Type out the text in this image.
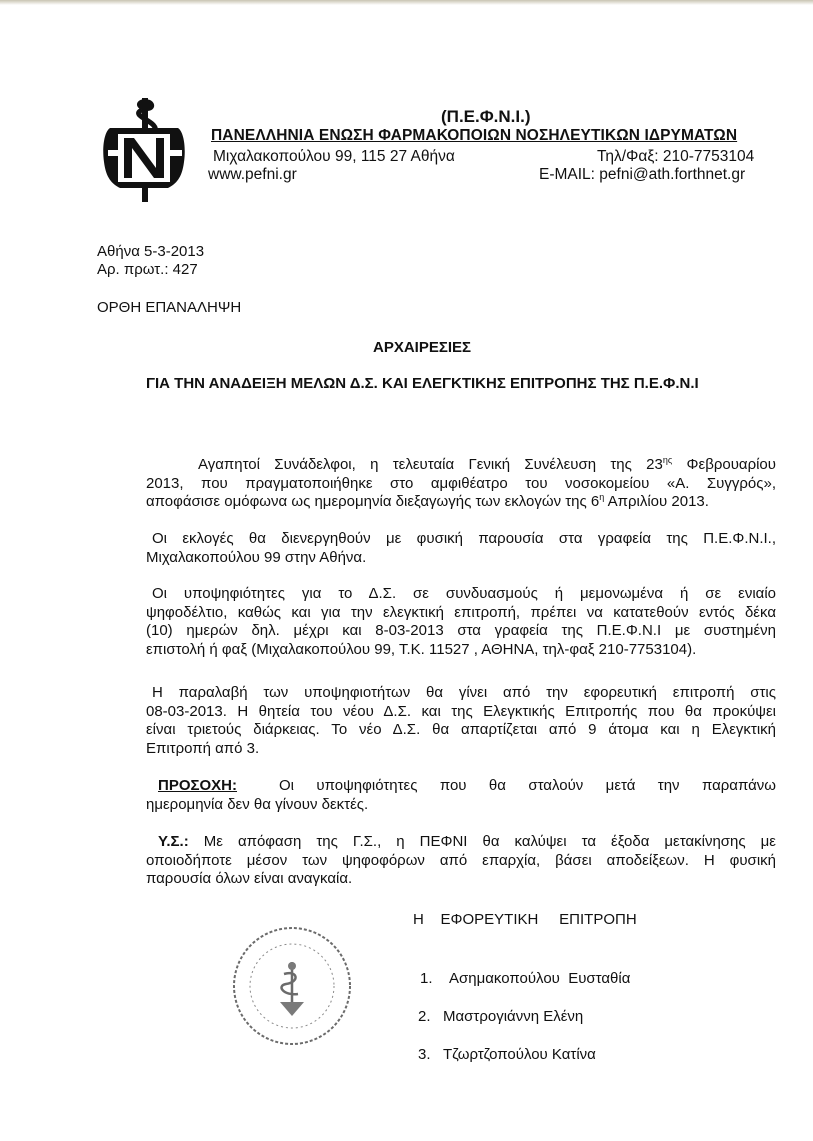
(Π.Ε.Φ.Ν.Ι.)
ΠΑΝΕΛΛΗΝΙΑ ΕΝΩΣΗ ΦΑΡΜΑΚΟΠΟΙΩΝ ΝΟΣΗΛΕΥΤΙΚΩΝ ΙΔΡΥΜΑΤΩΝ
Μιχαλακοπούλου 99, 115 27 Αθήνα	Τηλ/Φαξ: 210-7753104
www.pefni.gr	E-MAIL: pefni@ath.forthnet.gr
Αθήνα 5-3-2013
Αρ. πρωτ.: 427
ΟΡΘΗ ΕΠΑΝΑΛΗΨΗ
ΑΡΧΑΙΡΕΣΙΕΣ
ΓΙΑ ΤΗΝ ΑΝΑΔΕΙΞΗ ΜΕΛΩΝ Δ.Σ. ΚΑΙ ΕΛΕΓΚΤΙΚΗΣ ΕΠΙΤΡΟΠΗΣ ΤΗΣ Π.Ε.Φ.Ν.Ι
Αγαπητοί Συνάδελφοι, η τελευταία Γενική Συνέλευση της $23^{\eta\varsigma}$ Φεβρουαρίου
2013, που πραγματοποιήθηκε στο αμφιθέατρο του νοσοκομείου «Α. Συγγρός»,
αποφάσισε ομόφωνα ως ημερομηνία διεξαγωγής των εκλογών της $6^\eta$ Απριλίου 2013.
Οι εκλογές θα διενεργηθούν με φυσική παρουσία στα γραφεία της Π.Ε.Φ.Ν.Ι.,
Μιχαλακοπούλου 99 στην Αθήνα.
Οι υποψηφιότητες για το Δ.Σ. σε συνδυασμούς ή μεμονωμένα ή σε ενιαίο
ψηφοδέλτιο, καθώς και για την ελεγκτική επιτροπή, πρέπει να κατατεθούν εντός δέκα
(10) ημερών δηλ. μέχρι και 8-03-2013 στα γραφεία της Π.Ε.Φ.Ν.Ι με συστημένη
επιστολή ή φαξ (Μιχαλακοπούλου 99, Τ.Κ. 11527 , ΑΘΗΝΑ, τηλ-φαξ 210-7753104).
Η παραλαβή των υποψηφιοτήτων θα γίνει από την εφορευτική επιτροπή στις
08-03-2013. Η θητεία του νέου Δ.Σ. και της Ελεγκτικής Επιτροπής που θα προκύψει
είναι τριετούς διάρκειας. Το νέο Δ.Σ. θα απαρτίζεται από 9 άτομα και η Ελεγκτική
Επιτροπή από 3.
ΠΡΟΣΟΧΗ:	Οι υποψηφιότητες που θα σταλούν μετά την παραπάνω
ημερομηνία δεν θα γίνουν δεκτές.
Υ.Σ.: Με απόφαση της Γ.Σ., η ΠΕΦΝΙ θα καλύψει τα έξοδα μετακίνησης με
οποιοδήποτε μέσον των ψηφοφόρων από επαρχία, βάσει αποδείξεων. Η φυσική
παρουσία όλων είναι αναγκαία.
Η    ΕΦΟΡΕΥΤΙΚΗ     ΕΠΙΤΡΟΠΗ
1. Ασημακοπούλου  Ευσταθία
2. Μαστρογιάννη Ελένη
3. Τζωρτζοπούλου Κατίνα
